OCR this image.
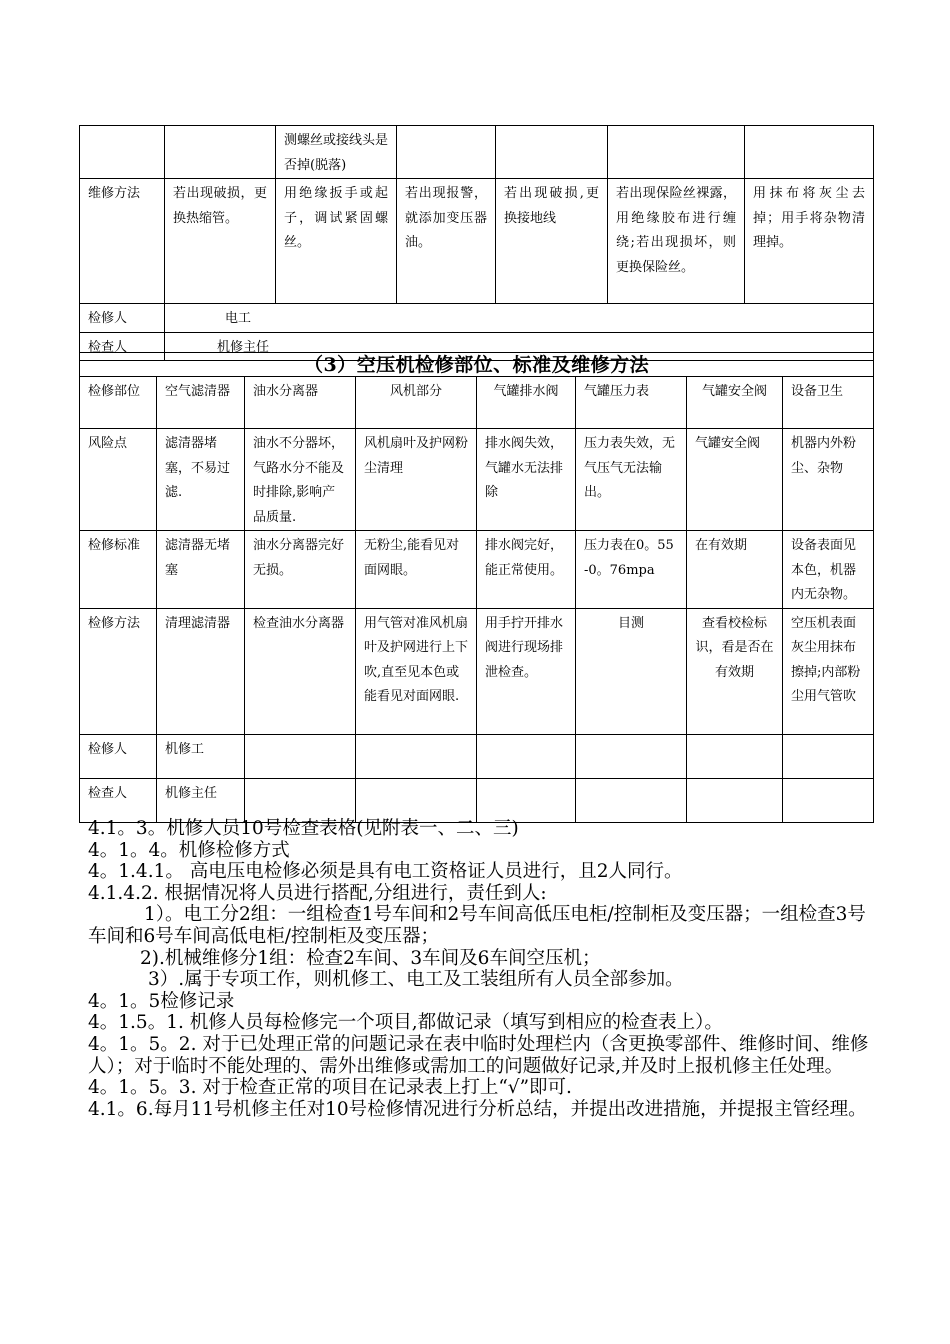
		测螺丝或接线头是否掉(脱落)				
维修方法	若出现破损，更换热缩管。	用绝缘扳手或起子，调试紧固螺丝。	若出现报警，就添加变压器油。	若出现破损,更换接地线	若出现保险丝裸露，用绝缘胶布进行缠绕;若出现损坏，则更换保险丝。	用抹布将灰尘去掉；用手将杂物清理掉。
检修人	电工					
检查人	机修主任					
（3）空压机检修部位、标准及维修方法							
检修部位	空气滤清器	油水分离器	风机部分	气罐排水阀	气罐压力表	气罐安全阀	设备卫生
风险点	滤清器堵塞，不易过滤.	油水不分器坏，气路水分不能及时排除,影响产品质量.	风机扇叶及护网粉尘清理	排水阀失效，气罐水无法排除	压力表失效，无气压气无法输出。	气罐安全阀	机器内外粉尘、杂物
检修标准	滤清器无堵塞	油水分离器完好无损。	无粉尘,能看见对面网眼。	排水阀完好，能正常使用。	压力表在0。55-0。76mpa	在有效期	设备表面见本色，机器内无杂物。
检修方法	清理滤清器	检查油水分离器	用气管对准风机扇叶及护网进行上下吹,直至见本色或能看见对面网眼.	用手拧开排水阀进行现场排泄检查。	目测	查看校检标识，看是否在有效期	空压机表面灰尘用抹布擦掉;内部粉尘用气管吹
检修人	机修工						
检查人	机修主任						

4.1。3。机修人员10号检查表格(见附表一、二、三)

4。1。4。机修检修方式

4。1.4.1。 高电压电检修必须是具有电工资格证人员进行，且2人同行。

4.1.4.2. 根据情况将人员进行搭配,分组进行，责任到人:

1）。电工分2组：一组检查1号车间和2号车间高低压电柜/控制柜及变压器；一组检查3号车间和6号车间高低电柜/控制柜及变压器；

2).机械维修分1组：检查2车间、3车间及6车间空压机；

3）.属于专项工作，则机修工、电工及工装组所有人员全部参加。

4。1。5检修记录

4。1.5。1. 机修人员每检修完一个项目,都做记录（填写到相应的检查表上）。

4。1。5。2. 对于已处理正常的问题记录在表中临时处理栏内（含更换零部件、维修时间、维修人）；对于临时不能处理的、需外出维修或需加工的问题做好记录,并及时上报机修主任处理。

4。1。5。3. 对于检查正常的项目在记录表上打上“√”即可.

4.1。6.每月11号机修主任对10号检修情况进行分析总结，并提出改进措施，并提报主管经理。
